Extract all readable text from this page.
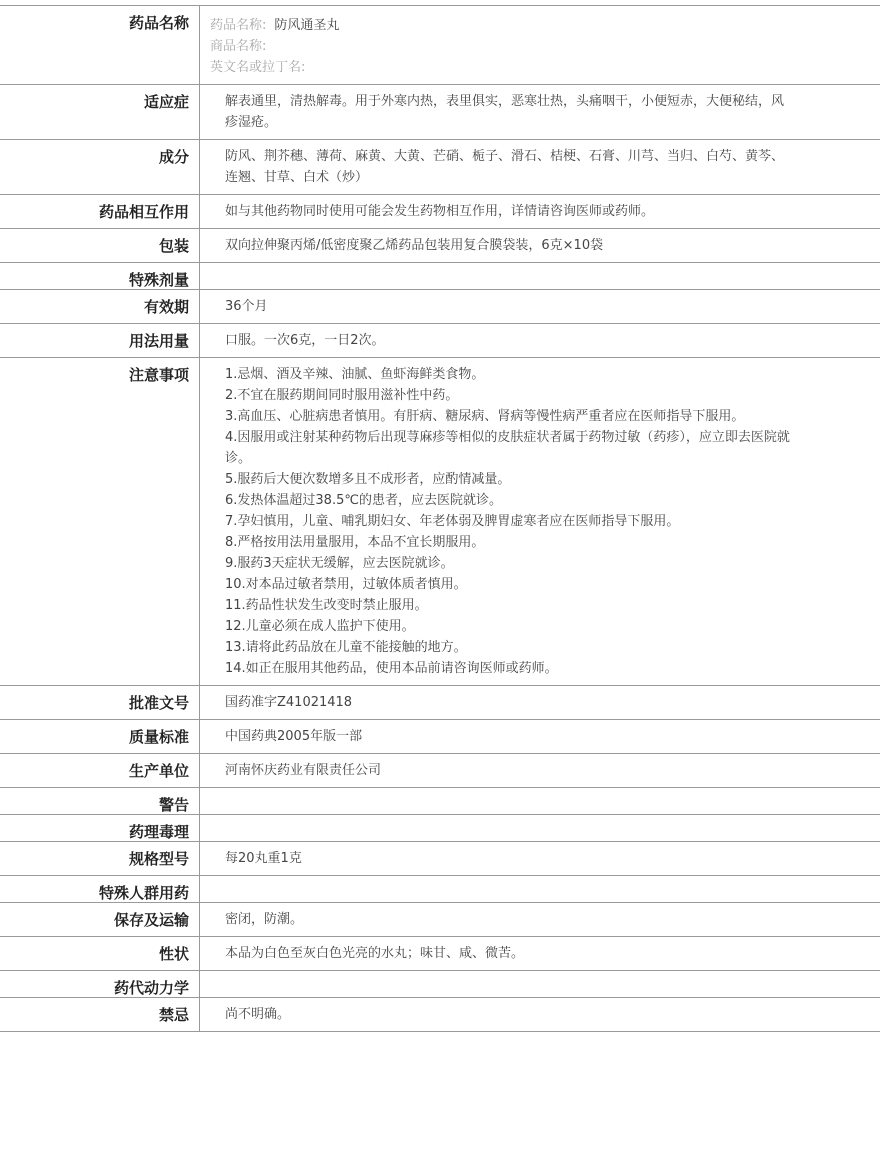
药品名称	药品名称: 防风通圣丸
商品名称:
英文名或拉丁名:
适应症	解表通里，清热解毒。用于外寒内热，表里俱实，恶寒壮热，头痛咽干，小便短赤，大便秘结，风疹湿疮。
成分	防风、荆芥穗、薄荷、麻黄、大黄、芒硝、栀子、滑石、桔梗、石膏、川芎、当归、白芍、黄芩、连翘、甘草、白术（炒）
药品相互作用	如与其他药物同时使用可能会发生药物相互作用，详情请咨询医师或药师。
包装	双向拉伸聚丙烯/低密度聚乙烯药品包装用复合膜袋装，6克×10袋
特殊剂量
有效期	36个月
用法用量	口服。一次6克，一日2次。
注意事项	1.忌烟、酒及辛辣、油腻、鱼虾海鲜类食物。
2.不宜在服药期间同时服用滋补性中药。
3.高血压、心脏病患者慎用。有肝病、糖尿病、肾病等慢性病严重者应在医师指导下服用。
4.因服用或注射某种药物后出现荨麻疹等相似的皮肤症状者属于药物过敏（药疹），应立即去医院就诊。
5.服药后大便次数增多且不成形者，应酌情减量。
6.发热体温超过38.5℃的患者，应去医院就诊。
7.孕妇慎用，儿童、哺乳期妇女、年老体弱及脾胃虚寒者应在医师指导下服用。
8.严格按用法用量服用，本品不宜长期服用。
9.服药3天症状无缓解，应去医院就诊。
10.对本品过敏者禁用，过敏体质者慎用。
11.药品性状发生改变时禁止服用。
12.儿童必须在成人监护下使用。
13.请将此药品放在儿童不能接触的地方。
14.如正在服用其他药品，使用本品前请咨询医师或药师。
批准文号	国药准字Z41021418
质量标准	中国药典2005年版一部
生产单位	河南怀庆药业有限责任公司
警告
药理毒理
规格型号	每20丸重1克
特殊人群用药
保存及运输	密闭，防潮。
性状	本品为白色至灰白色光亮的水丸；味甘、咸、微苦。
药代动力学
禁忌	尚不明确。
